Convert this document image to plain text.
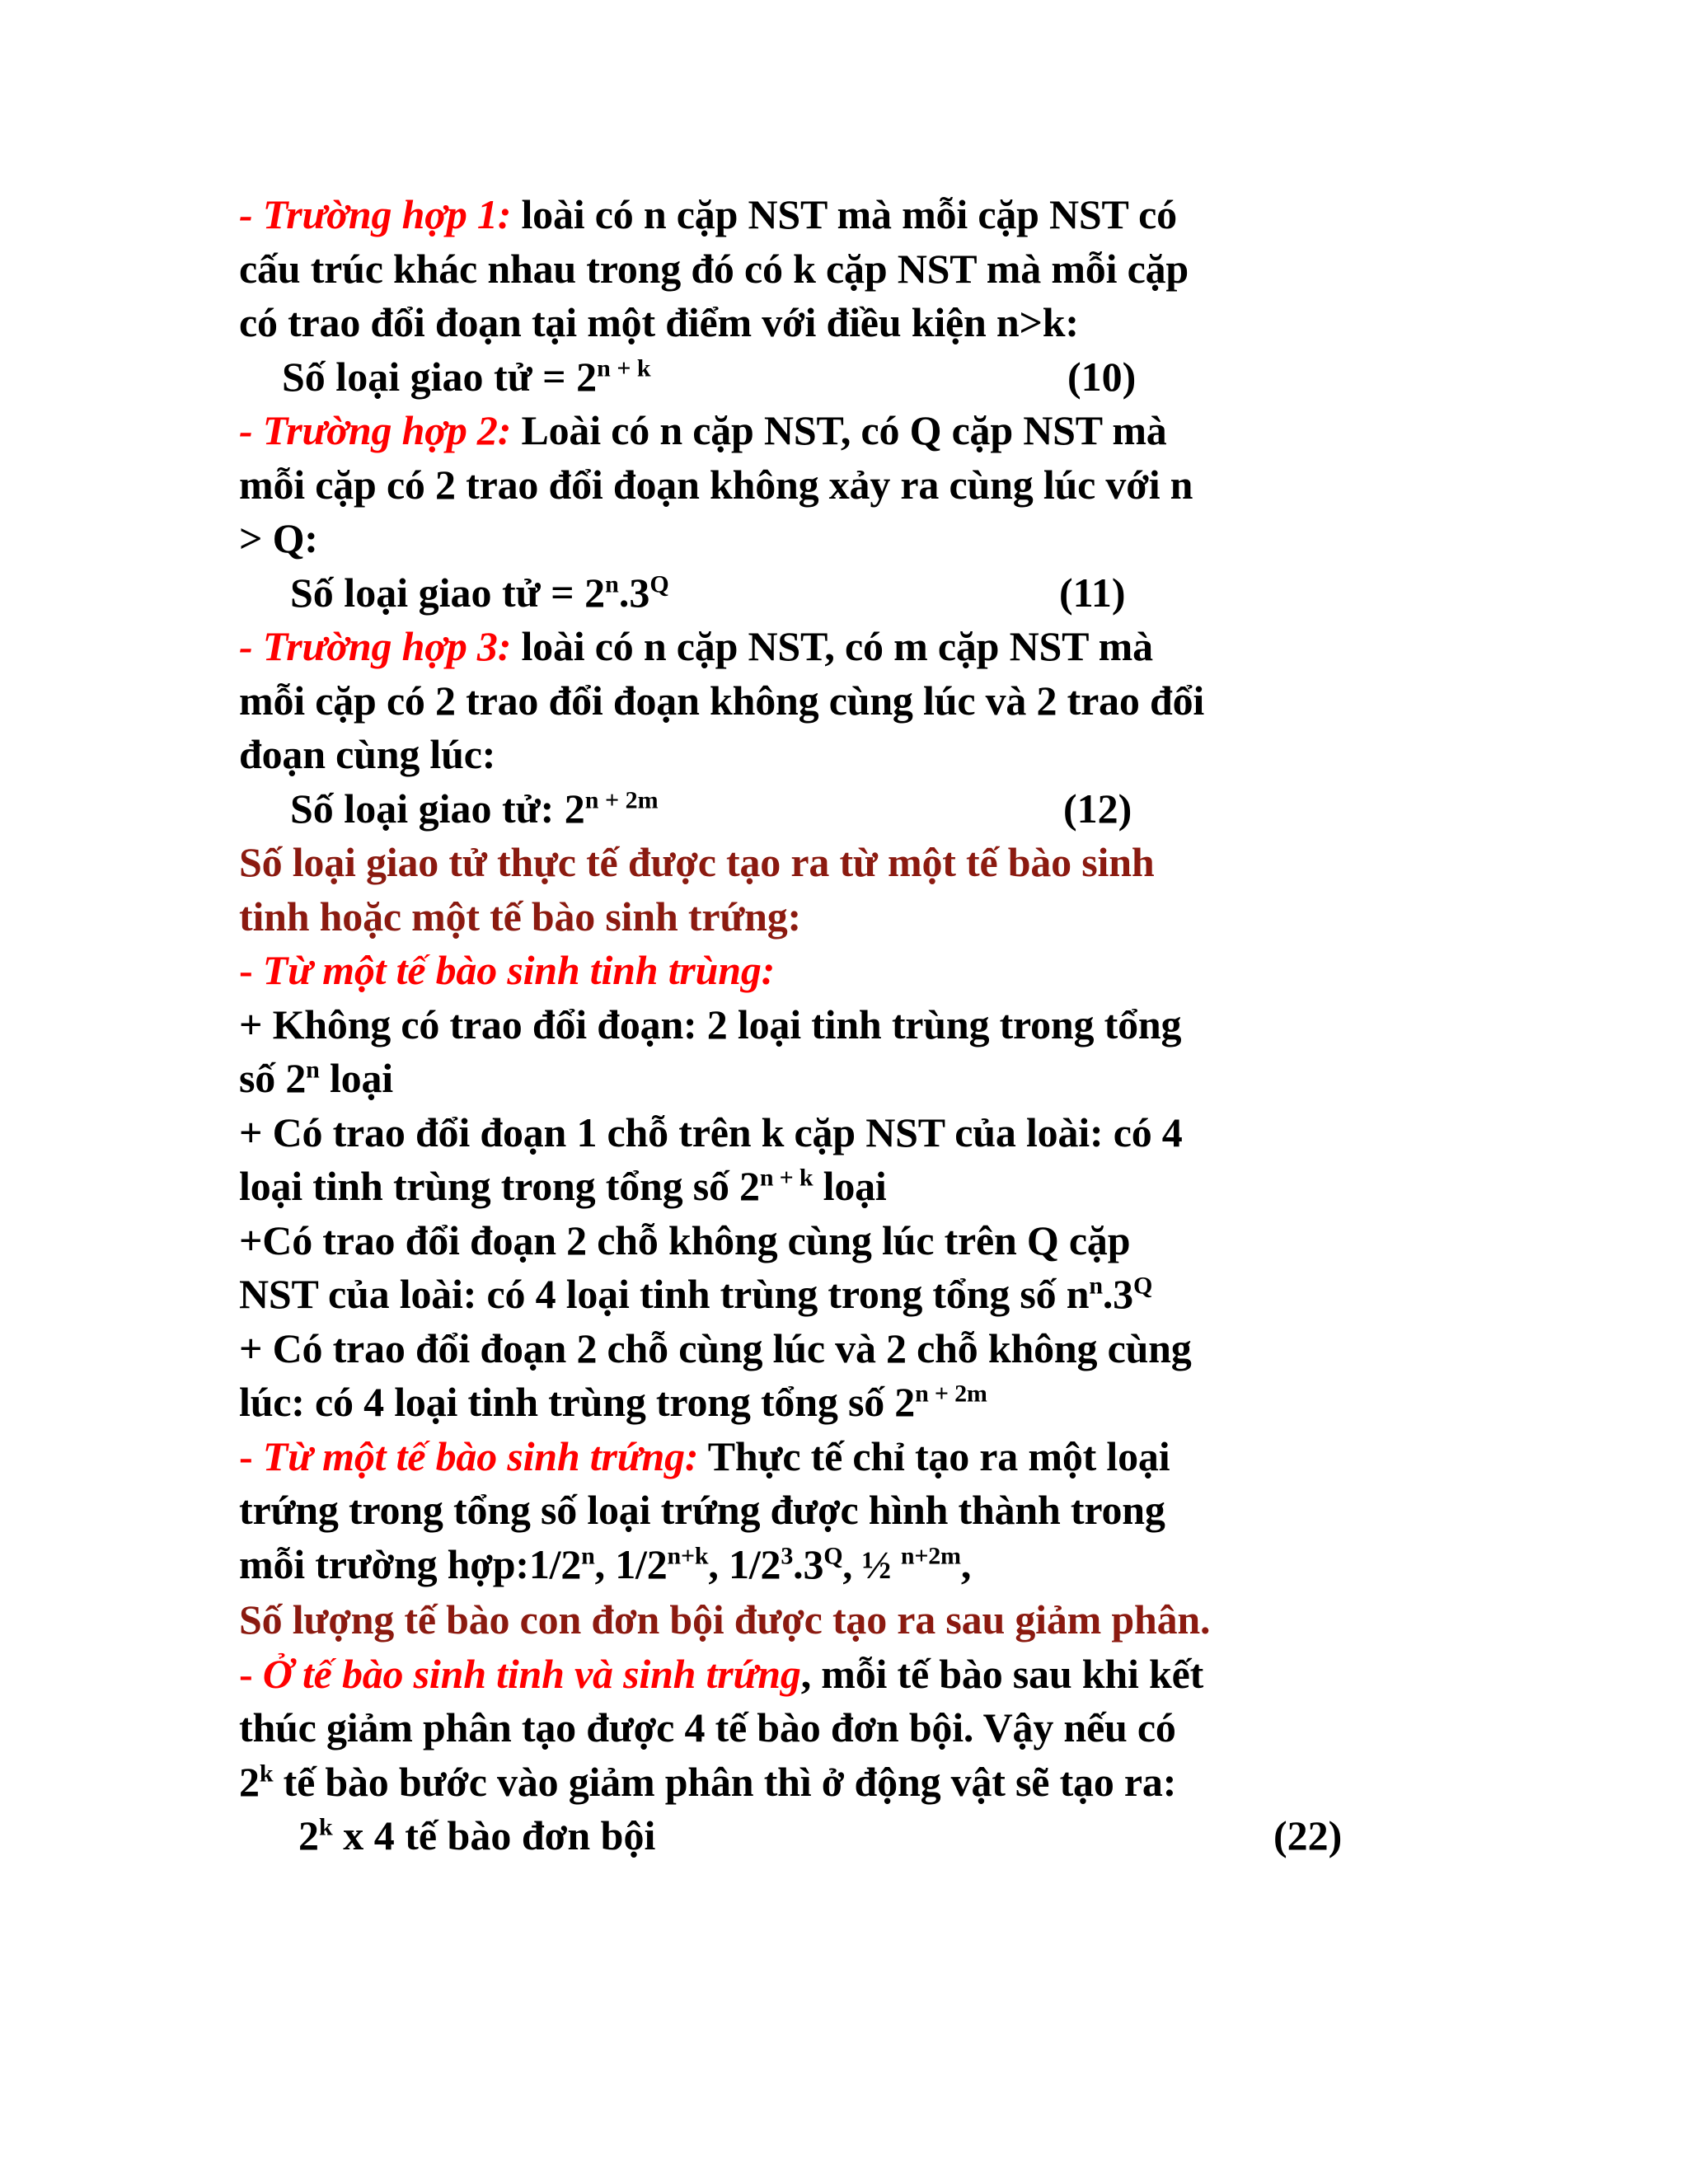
- Trường hợp 1: loài có n cặp NST mà mỗi cặp NST có
cấu trúc khác nhau trong đó có k cặp NST mà mỗi cặp
có trao đổi đoạn tại một điểm với điều kiện n>k:
Số loại giao tử = $2^{n + k}$	(10)
- Trường hợp 2: Loài có n cặp NST, có Q cặp NST mà
mỗi cặp có 2 trao đổi đoạn không xảy ra cùng lúc với n
> Q:
Số loại giao tử = $2^n.3^Q$	(11)
- Trường hợp 3: loài có n cặp NST, có m cặp NST mà
mỗi cặp có 2 trao đổi đoạn không cùng lúc và 2 trao đổi
đoạn cùng lúc:
Số loại giao tử: $2^{n + 2m}$	(12)
Số loại giao tử thực tế được tạo ra từ một tế bào sinh
tinh hoặc một tế bào sinh trứng:
- Từ một tế bào sinh tinh trùng:
+ Không có trao đổi đoạn: 2 loại tinh trùng trong tổng
số 2$^n$ loại
+ Có trao đổi đoạn 1 chỗ trên k cặp NST của loài: có 4
loại tinh trùng trong tổng số $2^{n + k}$ loại
+Có trao đổi đoạn 2 chỗ không cùng lúc trên Q cặp
NST của loài: có 4 loại tinh trùng trong tổng số $n^n.3^Q$
+ Có trao đổi đoạn 2 chỗ cùng lúc và 2 chỗ không cùng
lúc: có 4 loại tinh trùng trong tổng số $2^{n + 2m}$
- Từ một tế bào sinh trứng: Thực tế chỉ tạo ra một loại
trứng trong tổng số loại trứng được hình thành trong
mỗi trường hợp:1/2$^n$, $1/2^{n+k}$, $1/2^3.3^Q$, ½ $^{n+2m}$,
Số lượng tế bào con đơn bội được tạo ra sau giảm phân.
- Ở tế bào sinh tinh và sinh trứng, mỗi tế bào sau khi kết
thúc giảm phân tạo được 4 tế bào đơn bội. Vậy nếu có
2$^k$ tế bào bước vào giảm phân thì ở động vật sẽ tạo ra:
2$^k$ x 4 tế bào đơn bội	(22)
